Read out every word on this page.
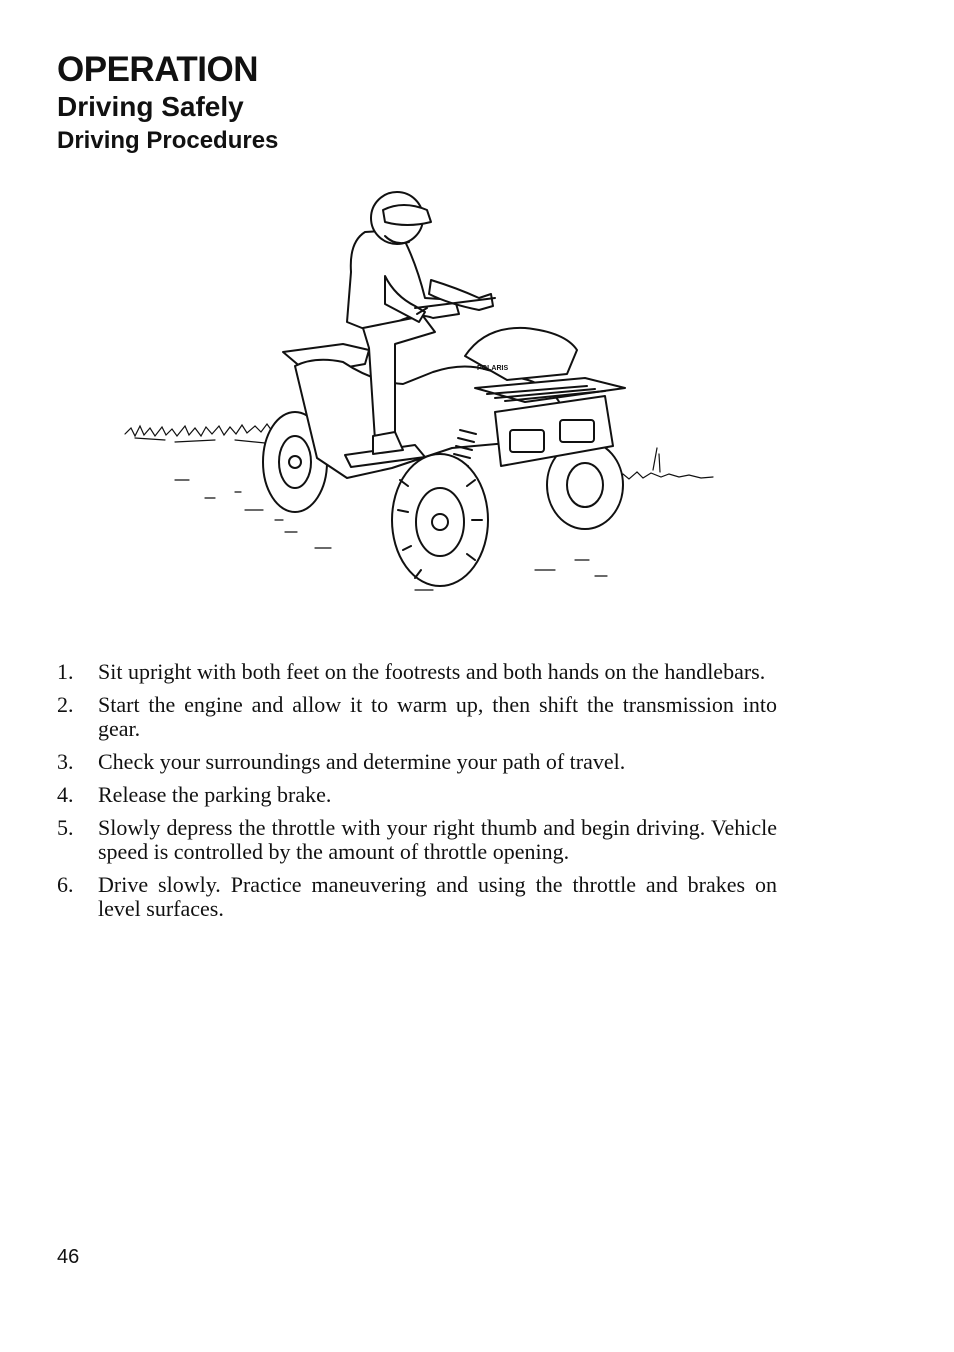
OPERATION
Driving Safely
Driving Procedures
POLARIS
1. Sit upright with both feet on the footrests and both hands on the handlebars.
2. Start the engine and allow it to warm up, then shift the transmission into gear.
3. Check your surroundings and determine your path of travel.
4. Release the parking brake.
5. Slowly depress the throttle with your right thumb and begin driving. Vehicle speed is controlled by the amount of throttle opening.
6. Drive slowly. Practice maneuvering and using the throttle and brakes on level surfaces.
46
